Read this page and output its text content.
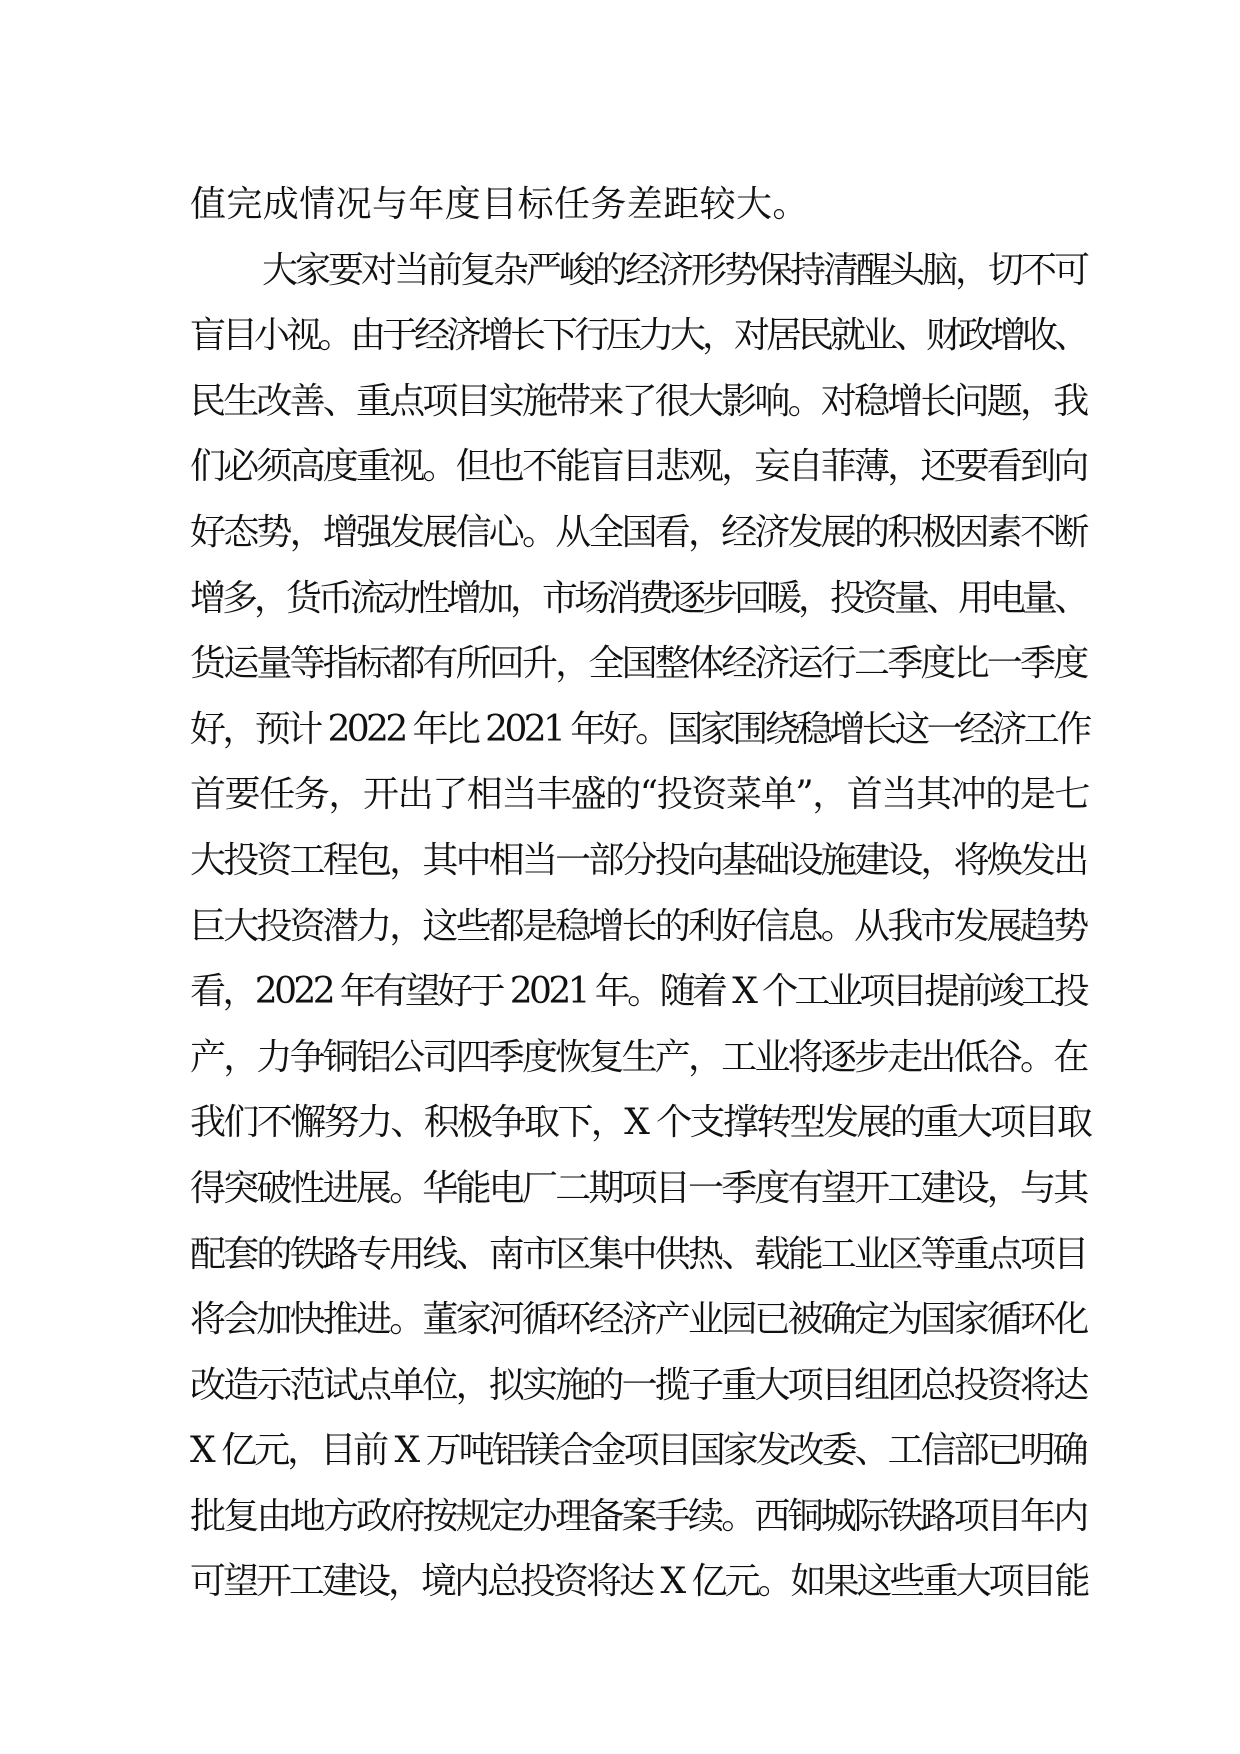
值完成情况与年度目标任务差距较大。
大家要对当前复杂严峻的经济形势保持清醒头脑，切不可
盲目小视。由于经济增长下行压力大，对居民就业、财政增收、
民生改善、重点项目实施带来了很大影响。对稳增长问题，我
们必须高度重视。但也不能盲目悲观，妄自菲薄，还要看到向
好态势，增强发展信心。从全国看，经济发展的积极因素不断
增多，货币流动性增加，市场消费逐步回暖，投资量、用电量、
货运量等指标都有所回升，全国整体经济运行二季度比一季度
好，预计 2022 年比 2021 年好。国家围绕稳增长这一经济工作
首要任务，开出了相当丰盛的“投资菜单”，首当其冲的是七
大投资工程包，其中相当一部分投向基础设施建设，将焕发出
巨大投资潜力，这些都是稳增长的利好信息。从我市发展趋势
看，2022 年有望好于 2021 年。随着 X 个工业项目提前竣工投
产，力争铜铝公司四季度恢复生产，工业将逐步走出低谷。在
我们不懈努力、积极争取下，X 个支撑转型发展的重大项目取
得突破性进展。华能电厂二期项目一季度有望开工建设，与其
配套的铁路专用线、南市区集中供热、载能工业区等重点项目
将会加快推进。董家河循环经济产业园已被确定为国家循环化
改造示范试点单位，拟实施的一揽子重大项目组团总投资将达
X 亿元，目前 X 万吨铝镁合金项目国家发改委、工信部已明确
批复由地方政府按规定办理备案手续。西铜城际铁路项目年内
可望开工建设，境内总投资将达 X 亿元。如果这些重大项目能
